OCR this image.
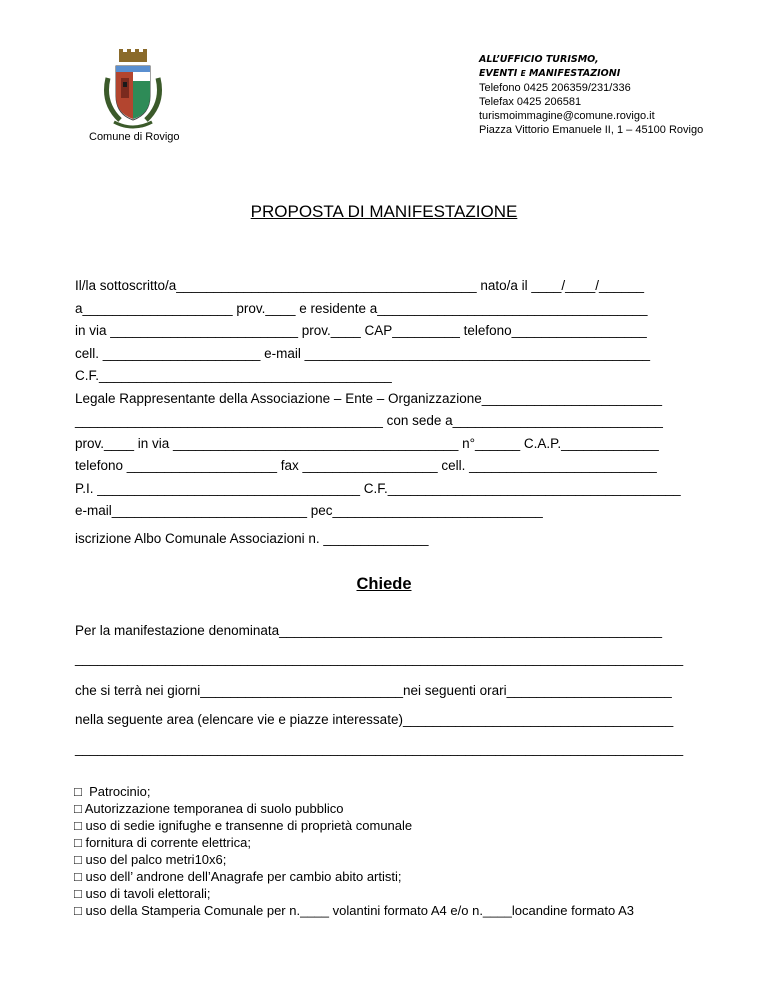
Comune di Rovigo
ALL’UFFICIO TURISMO,
EVENTI E MANIFESTAZIONI
Telefono 0425 206359/231/336
Telefax 0425 206581
turismoimmagine@comune.rovigo.it
Piazza Vittorio Emanuele II, 1 – 45100 Rovigo
PROPOSTA DI MANIFESTAZIONE
Il/la sottoscritto/a________________________________________ nato/a il ____/____/______
a____________________ prov.____ e residente a____________________________________
in via _________________________ prov.____ CAP_________ telefono__________________
cell. _____________________ e-mail ______________________________________________
C.F._______________________________________
Legale Rappresentante della Associazione – Ente – Organizzazione________________________
_________________________________________ con sede a____________________________
prov.____ in via ______________________________________ n°______ C.A.P._____________
telefono ____________________ fax __________________ cell. _________________________
P.I. ___________________________________ C.F._______________________________________
e-mail__________________________ pec____________________________
iscrizione Albo Comunale Associazioni n. ______________
Chiede
Per la manifestazione denominata___________________________________________________
_________________________________________________________________________________
che si terrà nei giorni___________________________nei seguenti orari______________________
nella seguente area (elencare vie e piazze interessate)____________________________________
_________________________________________________________________________________
□  Patrocinio;
□ Autorizzazione temporanea di suolo pubblico
□ uso di sedie ignifughe e transenne di proprietà comunale
□ fornitura di corrente elettrica;
□ uso del palco metri10x6;
□ uso dell’ androne dell’Anagrafe per cambio abito artisti;
□ uso di tavoli elettorali;
□ uso della Stamperia Comunale per n.____ volantini formato A4 e/o n.____locandine formato A3
